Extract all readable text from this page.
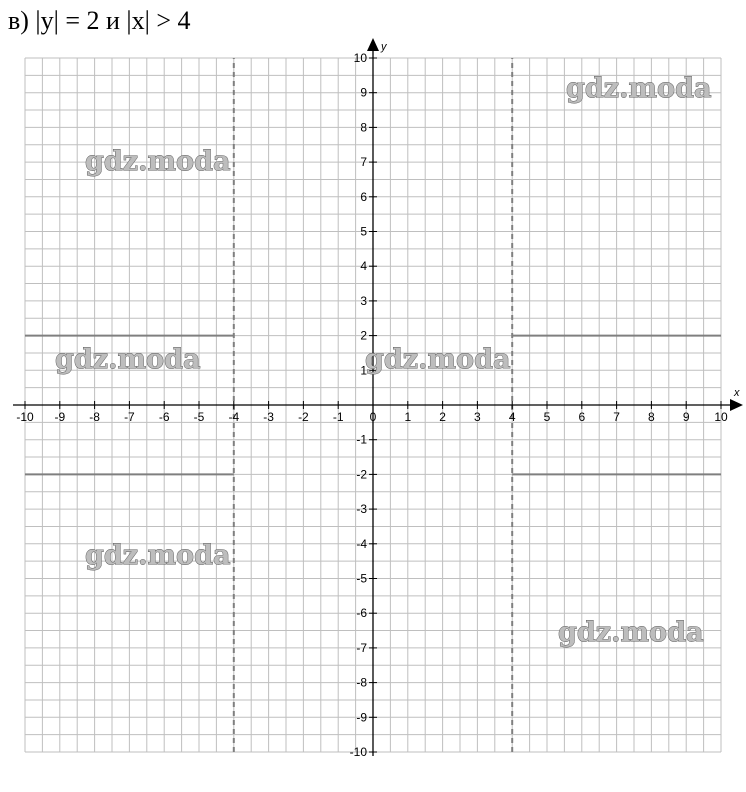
в) |y| = 2 и |x| > 4
x
y
-10 -9 -8 -7 -6 -5 -4 -3 -2 -1 0 1 2 3 4 5 6 7 8 9 10
-10
-9
-8
-7
-6
-5
-4
-3
-2
-1
1
2
3
4
5
6
7
8
9
10
gdz.moda
gdz.moda
gdz.moda	gdz.moda
gdz.moda
gdz.moda
